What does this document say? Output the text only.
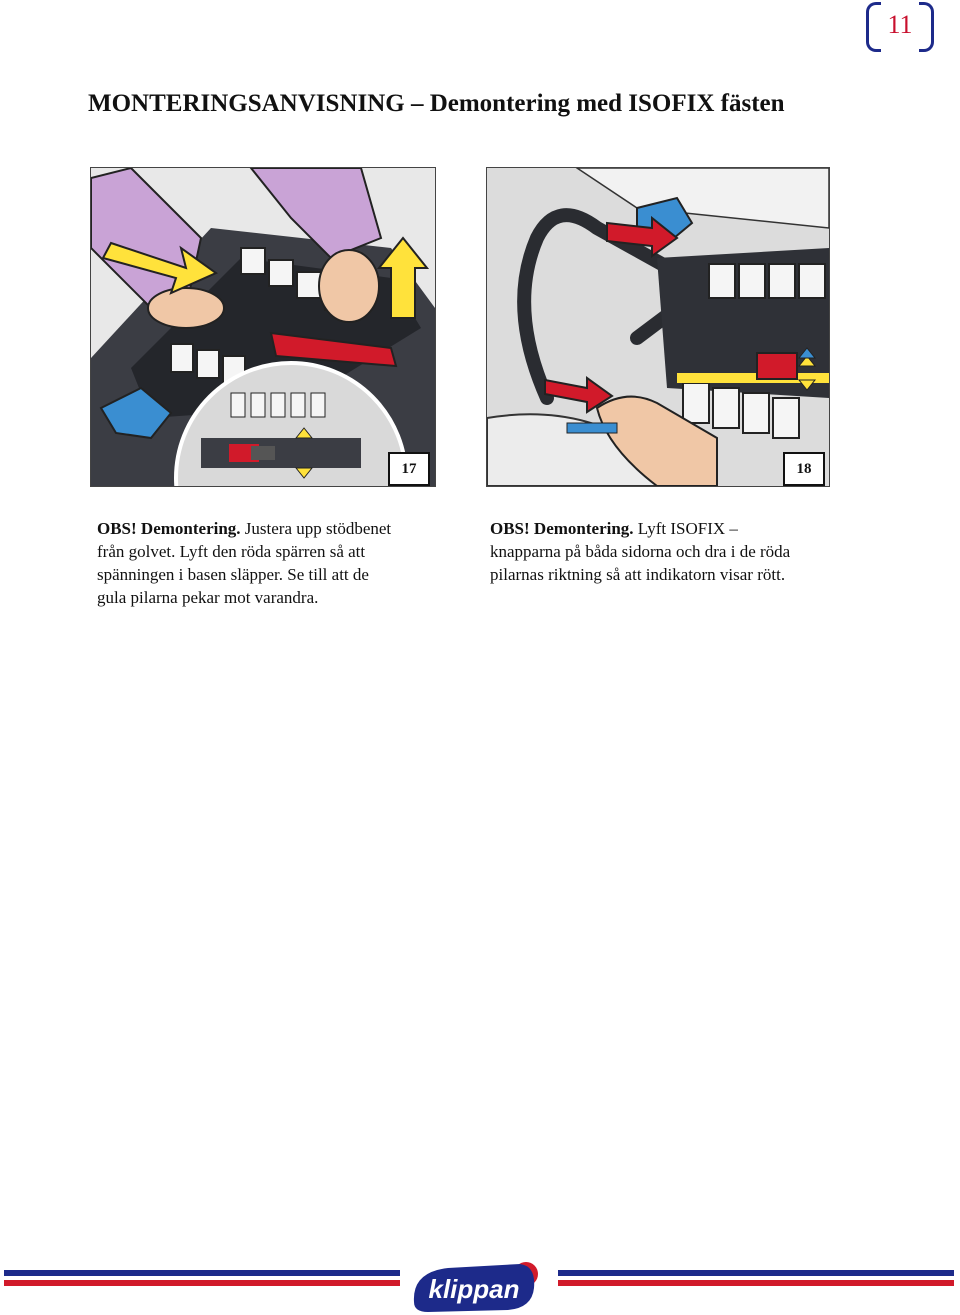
11
MONTERINGSANVISNING – Demontering med ISOFIX fästen
17	18

OBS! Demontering. Justera upp stödbenet från golvet. Lyft den röda spärren så att spänningen i basen släpper. Se till att de gula pilarna pekar mot varandra.

OBS! Demontering. Lyft ISOFIX – knapparna på båda sidorna och dra i de röda pilarnas riktning så att indikatorn visar rött.

klippan
